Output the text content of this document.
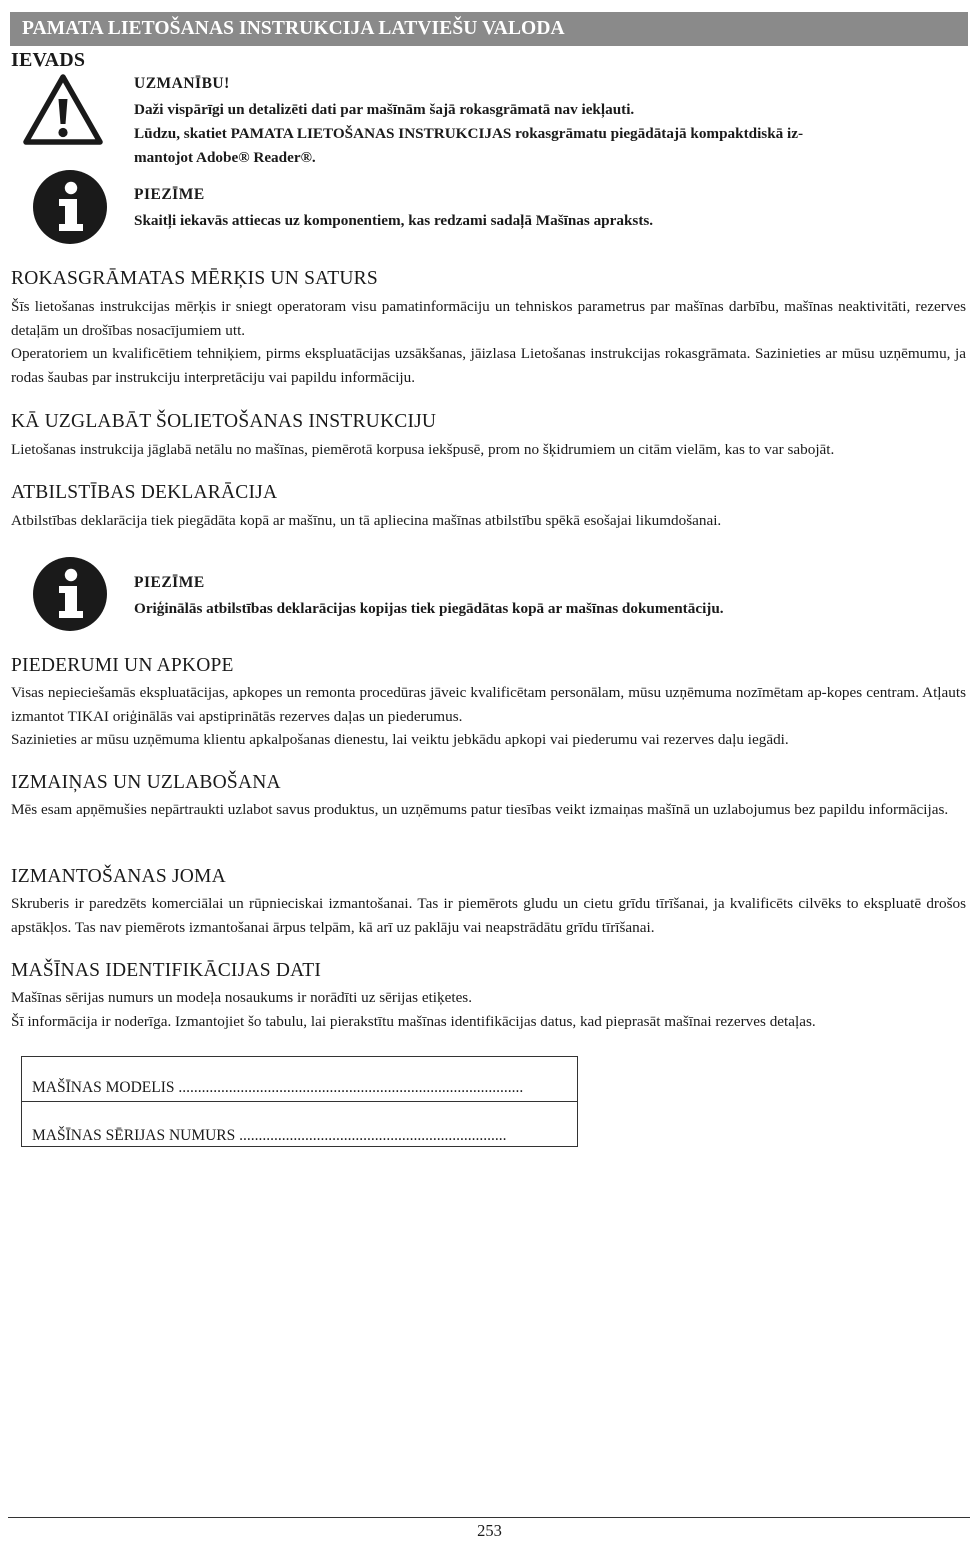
PAMATA LIETOŠANAS INSTRUKCIJA LATVIEŠU VALODA
IEVADS

UZMANĪBU!

Daži vispārīgi un detalizēti dati par mašīnām šajā rokasgrāmatā nav iekļauti.

Lūdzu, skatiet PAMATA LIETOŠANAS INSTRUKCIJAS rokasgrāmatu piegādātajā kompaktdiskā iz-

mantojot Adobe® Reader®.

PIEZĪME

Skaitļi iekavās attiecas uz komponentiem, kas redzami sadaļā Mašīnas apraksts.

ROKASGRĀMATAS MĒRĶIS UN SATURS

Šīs lietošanas instrukcijas mērķis ir sniegt operatoram visu pamatinformāciju un tehniskos parametrus par mašīnas darbību, mašīnas neaktivitāti, rezerves detaļām un drošības nosacījumiem utt.

Operatoriem un kvalificētiem tehniķiem, pirms ekspluatācijas uzsākšanas, jāizlasa Lietošanas instrukcijas rokasgrāmata. Sazinieties ar mūsu uzņēmumu, ja rodas šaubas par instrukciju interpretāciju vai papildu informāciju.

KĀ UZGLABĀT ŠOLIETOŠANAS INSTRUKCIJU

Lietošanas instrukcija jāglabā netālu no mašīnas, piemērotā korpusa iekšpusē, prom no šķidrumiem un citām vielām, kas to var sabojāt.

ATBILSTĪBAS DEKLARĀCIJA

Atbilstības deklarācija tiek piegādāta kopā ar mašīnu, un tā apliecina mašīnas atbilstību spēkā esošajai likumdošanai.

PIEZĪME

Oriģinālās atbilstības deklarācijas kopijas tiek piegādātas kopā ar mašīnas dokumentāciju.

PIEDERUMI UN APKOPE

Visas nepieciešamās ekspluatācijas, apkopes un remonta procedūras jāveic kvalificētam personālam, mūsu uzņēmuma nozīmētam ap-kopes centram. Atļauts izmantot TIKAI oriģinālās vai apstiprinātās rezerves daļas un piederumus.

Sazinieties ar mūsu uzņēmuma klientu apkalpošanas dienestu, lai veiktu jebkādu apkopi vai piederumu vai rezerves daļu iegādi.

IZMAIŅAS UN UZLABOŠANA

Mēs esam apņēmušies nepārtraukti uzlabot savus produktus, un uzņēmums patur tiesības veikt izmaiņas mašīnā un uzlabojumus bez papildu informācijas.

IZMANTOŠANAS JOMA

Skruberis ir paredzēts komerciālai un rūpnieciskai izmantošanai. Tas ir piemērots gludu un cietu grīdu tīrīšanai, ja kvalificēts cilvēks to ekspluatē drošos apstākļos. Tas nav piemērots izmantošanai ārpus telpām, kā arī uz paklāju vai neapstrādātu grīdu tīrīšanai.

MAŠĪNAS IDENTIFIKĀCIJAS DATI

Mašīnas sērijas numurs un modeļa nosaukums ir norādīti uz sērijas etiķetes.

Šī informācija ir noderīga. Izmantojiet šo tabulu, lai pierakstītu mašīnas identifikācijas datus, kad pieprasāt mašīnai rezerves detaļas.

MAŠĪNAS MODELIS .........................................................................................
MAŠĪNAS SĒRIJAS NUMURS .....................................................................
253
